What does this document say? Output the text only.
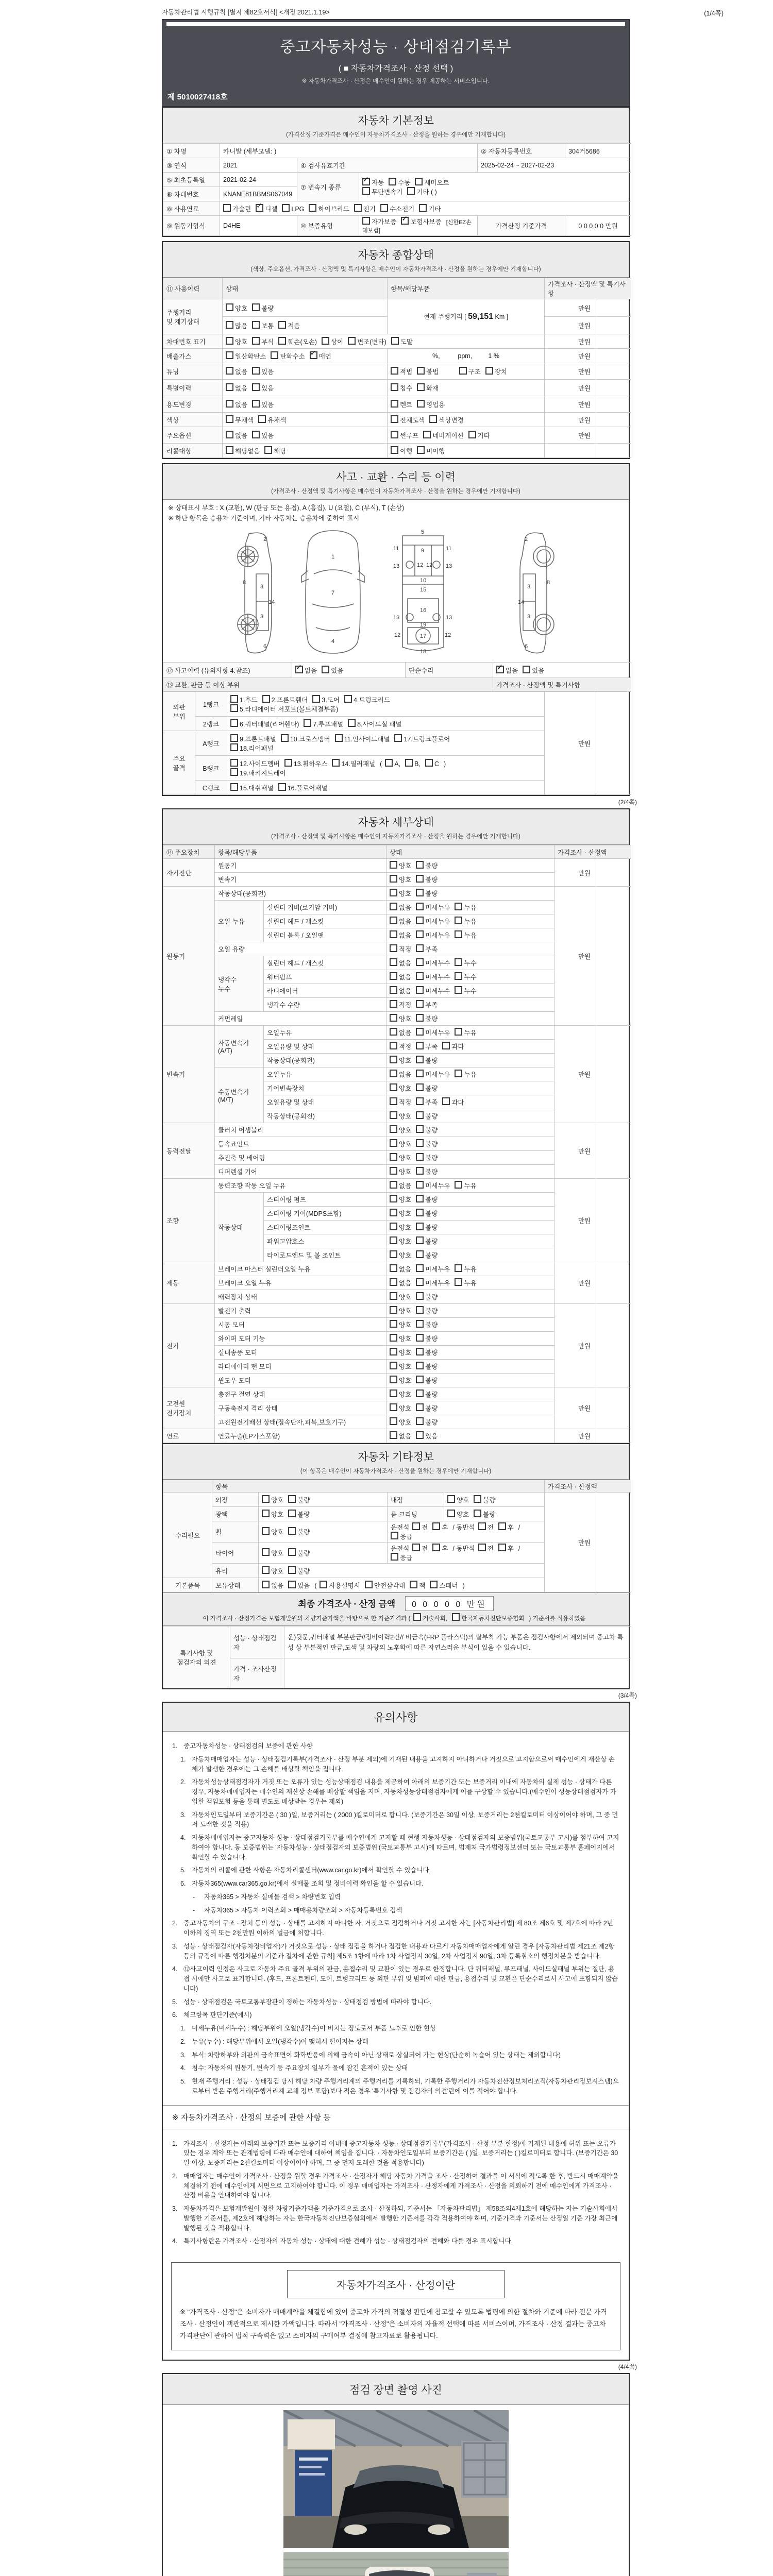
자동차관리법 시행규칙 [별지 제82호서식] <개정 2021.1.19>	(1/4쪽)
중고자동차성능 · 상태점검기록부
( ■ 자동차가격조사 · 산정 선택 )
※ 자동차가격조사 · 산정은 매수인이 원하는 경우 제공하는 서비스입니다.
제 5010027418호
자동차 기본정보
(가격산정 기준가격은 매수인이 자동차가격조사 · 산정을 원하는 경우에만 기재합니다)
① 차명	카니발 (세부모델: )			② 자동차등록번호	304거5686
③ 연식	2021	④ 검사유효기간		2025-02-24 ~ 2027-02-23	
⑤ 최초등록일	2021-02-24	⑦ 변속기 종류	✓자동 수동 세미오토
무단변속기 기타 ( )
⑥ 차대번호	KNANE81BBMS067049				
⑧ 사용연료	가솔린 ✓ 디젤 LPG 하이브리드 전기 수소전기 기타
⑨ 원동기형식	D4HE	⑩ 보증유형	자가보증 ✓ 보험사보증 [신한EZ손해보험]	가격산정 기준가격	0 0 0 0 0 만원
자동차 종합상태
(색상, 주요옵션, 가격조사 · 산정액 및 특기사항은 매수인이 자동차가격조사 · 산정을 원하는 경우에만 기재합니다)
⑪ 사용이력	상태	항목/해당부품	가격조사 · 산정액 및 특기사항	
주행거리
및 계기상태	양호 불량	현재 주행거리 [ 59,151 Km ]	만원	
	많음 보통 적음		만원	
차대번호 표기	양호 부식 훼손(오손) 상이 변조(변타) 도말		만원	
배출가스	일산화탄소 탄화수소 ✓ 매연	%,          ppm,         1 %	만원	
튜닝	없음 있음	적법 불법 구조 장치	만원	
특별이력	없음 있음	침수 화재	만원	
용도변경	없음 있음	렌트 영업용	만원	
색상	무채색 유채색	전체도색 색상변경	만원	
주요옵션	없음 있음	썬루프 네비게이션 기타	만원	
리콜대상	해당없음 해당	이행 미이행		
사고 · 교환 · 수리 등 이력
(가격조사 · 산정액 및 특기사항은 매수인이 자동차가격조사 · 산정을 원하는 경우에만 기재합니다)
※ 상태표시 부호 : X (교환), W (판금 또는 용접), A (흠집), U (요철), C (부식), T (손상)
※ 하단 항목은 승용차 기준이며, 기타 자동차는 승용차에 준하여 표시
2
8
3
3
14
6
1
7
4
5
11	11
9
13	13
12 12
10
15
16
13	13
19
12	12
17
18
2
8
3
3
14
6
⑫ 사고이력 (유의사항 4.참조)	✓없음 있음	단순수리	✓없음 있음
⑬ 교환, 판금 등 이상 부위			가격조사 · 산정액 및 특기사항
외판
부위	1랭크	1.후드 2.프론트휀더 3.도어 4.트렁크리드
5.라디에이터 서포트(볼트체결부품)	만원	
	2랭크	6.쿼터패널(리어휀다) 7.루프패널 8.사이드실 패널		
주요
골격	A랭크	9.프론트패널 10.크로스멤버 11.인사이드패널 17.트렁크플로어
18.리어패널		
	B랭크	12.사이드멤버 13.휠하우스 14.필러패널 ( A, B, C )
19.패키지트레이		
	C랭크	15.대쉬패널 16.플로어패널		
(2/4쪽)
자동차 세부상태
(가격조사 · 산정액 및 특기사항은 매수인이 자동차가격조사 · 산정을 원하는 경우에만 기재합니다)
⑭ 주요장치	항목/해당부품		상태	가격조사 · 산정액	
자기진단	원동기		양호 불량	만원	
	변속기		양호 불량		
원동기	작동상태(공회전)		양호 불량	만원	
	오일 누유	실린더 커버(로커암 커버)	없음 미세누유 누유		
		실린더 헤드 / 개스킷	없음 미세누유 누유		
		실린더 블록 / 오일팬	없음 미세누유 누유		
	오일 유량		적정 부족		
	냉각수
누수	실린더 헤드 / 개스킷	없음 미세누수 누수		
		워터펌프	없음 미세누수 누수		
		라디에이터	없음 미세누수 누수		
		냉각수 수량	적정 부족		
	커먼레일		양호 불량		
변속기	자동변속기
(A/T)	오일누유	없음 미세누유 누유	만원	
		오일유량 및 상태	적정 부족 과다		
		작동상태(공회전)	양호 불량		
	수동변속기
(M/T)	오일누유	없음 미세누유 누유		
		기어변속장치	양호 불량		
		오일유량 및 상태	적정 부족 과다		
		작동상태(공회전)	양호 불량		
동력전달	클러치 어셈블리		양호 불량	만원	
	등속죠인트		양호 불량		
	추진축 및 베어링		양호 불량		
	디퍼렌셜 기어		양호 불량		
조향	동력조향 작동 오일 누유		없음 미세누유 누유	만원	
	작동상태	스티어링 펌프	양호 불량		
		스티어링 기어(MDPS포함)	양호 불량		
		스티어링조인트	양호 불량		
		파워고압호스	양호 불량		
		타이로드엔드 및 볼 조인트	양호 불량		
제동	브레이크 마스터 실린더오일 누유		없음 미세누유 누유	만원	
	브레이크 오일 누유		없음 미세누유 누유		
	배력장치 상태		양호 불량		
전기	발전기 출력		양호 불량	만원	
	시동 모터		양호 불량		
	와이퍼 모터 기능		양호 불량		
	실내송풍 모터		양호 불량		
	라디에이터 팬 모터		양호 불량		
	윈도우 모터		양호 불량		
고전원
전기장치	충전구 절연 상태		양호 불량	만원	
	구동축전지 격리 상태		양호 불량		
	고전원전기배선 상태(접속단자,피복,보호기구)		양호 불량		
연료	연료누출(LP가스포함)		없음 있음	만원	
자동차 기타정보
(이 항목은 매수인이 자동차가격조사 · 산정을 원하는 경우에만 기재합니다)
	항목				가격조사 · 산정액	
수리필요	외장	양호 불량	내장	양호 불량	만원	
	광택	양호 불량	룸 크리닝	양호 불량		
	휠	양호 불량	운전석 전 후 / 동반석 전 후 /응급			
	타이어	양호 불량	운전석 전 후 / 동반석 전 후 /응급			
	유리	양호 불량				
기본품목	보유상태	없음 있음 ( 사용설명서 안전삼각대 잭 스패너 )				
최종 가격조사 · 산정 금액 0 0 0 0 0 만원
이 가격조사 · 산정가격은 보험개발원의 차량기준가액을 바탕으로 한 기준가격과 ( 기술사회, 한국자동차진단보증협회 ) 기준서를 적용하였음
특기사항 및
점검자의 의견	성능 · 상태점검자	운)뒷문,쿼터패널 부분판금//정비이력2건// 비금속(FRP 플라스틱)의 탈부착 가능 부품은 점검사항에서 제외되며 중고차 특성 상 부분적인 판금,도색 및 차량의 노후화에 따른 자연스러운 부식이 있을 수 있습니다.
	가격 · 조사산정자	
(3/4쪽)
유의사항
1. 중고자동차성능 · 상태점검의 보증에 관한 사항
1. 자동차매매업자는 성능 · 상태점검기록부(가격조사 · 산정 부분 제외)에 기재된 내용을 고지하지 아니하거나 거짓으로 고지함으로써 매수인에게 재산상 손해가 발생한 경우에는 그 손해를 배상할 책임을 집니다.
2. 자동차성능상태점검자가 거짓 또는 오류가 있는 성능상태점검 내용을 제공하여 아래의 보증기간 또는 보증거리 이내에 자동차의 실제 성능 · 상태가 다른 경우, 자동차매매업자는 매수인의 재산상 손해를 배상할 책임을 지며, 자동차성능상태점검자에게 이를 구상할 수 있습니다.(매수인이 성능상태점검자가 가입한 책임보험 등을 통해 별도로 배상받는 경우는 제외)
3. 자동차인도일부터 보증기간은 ( 30 )일, 보증거리는 ( 2000 )킬로미터로 합니다. (보증기간은 30일 이상, 보증거리는 2천킬로미터 이상이어야 하며, 그 중 먼저 도래한 것을 적용)
4. 자동차매매업자는 중고자동차 성능 · 상태점검기록부를 매수인에게 고지할 때 현행 자동차성능 · 상태점검자의 보증범위(국토교통부 고시)를 첨부하여 고지하여야 합니다. 동 보증범위는 '자동차성능 · 상태점검자의 보증범위'(국토교통부 고시)에 따르며, 법제처 국가법령정보센터 또는 국토교통부 홈페이지에서 확인할 수 있습니다.
5. 자동차의 리콜에 관한 사항은 자동차리콜센터(www.car.go.kr)에서 확인할 수 있습니다.
6. 자동차365(www.car365.go.kr)에서 실매물 조회 및 정비이력 확인을 할 수 있습니다.
-	자동차365 > 자동차 실매물 검색 > 차량번호 입력
-	자동차365 > 자동차 이력조회 > 매매용차량조회 > 자동차등록번호 검색
2. 중고자동차의 구조 · 장치 등의 성능 · 상태를 고지하지 아니한 자, 거짓으로 점검하거나 거짓 고지한 자는 [자동차관리법] 제 80조 제6호 및 제7호에 따라 2년 이하의 징역 또는 2천만원 이하의 벌금에 처합니다.
3. 성능 · 상태점검자(자동차정비업자)가 거짓으로 성능 · 상태 점검을 하거나 점검한 내용과 다르게 자동차매매업자에게 알린 경우 [자동차관리법 제21조 제2항 등의 규정에 따른 행정처분의 기준과 절차에 관한 규칙] 제5조 1항에 따라 1차 사업정지 30일, 2차 사업정지 90일, 3차 등록취소의 행정처분을 받습니다.
4. ⑫사고이력 인정은 사고로 자동차 주요 골격 부위의 판금, 용접수리 및 교환이 있는 경우로 한정합니다. 단 쿼터패널, 루프패널, 사이드실패널 부위는 절단, 용접 시에만 사고로 표기합니다. (후드, 프론트펜더, 도어, 트렁크리드 등 외판 부위 및 범퍼에 대한 판금, 용접수리 및 교환은 단순수리로서 사고에 포함되지 않습니다)
5. 성능 · 상태점검은 국토교통부장관이 정하는 자동차성능 · 상태점검 방법에 따라야 합니다.
6. 체크항목 판단기준(예시)
1. 미세누유(미세누수) : 해당부위에 오일(냉각수)이 비치는 정도로서 부품 노후로 인한 현상
2. 누유(누수) : 해당부위에서 오일(냉각수)이 맺혀서 떨어지는 상태
3. 부식: 차량하부와 외판의 금속표면이 화학반응에 의해 금속이 아닌 상태로 상실되어 가는 현상(단순히 녹슬어 있는 상태는 제외합니다)
4. 침수: 자동차의 원동기, 변속기 등 주요장치 일부가 물에 잠긴 흔적이 있는 상태
5. 현재 주행거리 : 성능 · 상태점검 당시 해당 차량 주행거리계의 주행거리를 기록하되, 기록한 주행거리가 자동차전산정보처리조직(자동차관리정보시스템)으로부터 받은 주행거리(주행거리계 교체 정보 포함)보다 적은 경우 '특기사항 및 점검자의 의견'란에 이를 적어야 합니다.
※ 자동차가격조사 · 산정의 보증에 관한 사항 등
1. 가격조사 · 산정자는 아래의 보증기간 또는 보증거리 이내에 중고자동차 성능 · 상태점검기록부(가격조사 · 산정 부분 한정)에 기재된 내용에 허위 또는 오류가 있는 경우 계약 또는 관계법령에 따라 매수인에 대하여 책임을 집니다. · 자동차인도일부터 보증기간은 ( )일, 보증거리는 ( )킬로미터로 합니다. (보증기간은 30일 이상, 보증거리는 2천킬로미터 이상이어야 하며, 그 중 먼저 도래한 것을 적용합니다)
2. 매매업자는 매수인이 가격조사 · 산정을 원할 경우 가격조사 · 산정자가 해당 자동차 가격을 조사 · 산정하여 결과를 이 서식에 적도록 한 후, 반드시 매매계약을 체결하기 전에 매수인에게 서면으로 고지하여야 합니다. 이 경우 매매업자는 가격조사 · 산정자에게 가격조사 · 산정을 의뢰하기 전에 매수인에게 가격조사 · 산정 비용을 안내하여야 합니다.
3. 자동차가격은 보험개발원이 정한 차량기준가액을 기준가격으로 조사 · 산정하되, 기준서는 「자동차관리법」 제58조의4제1호에 해당하는 자는 기술사회에서 발행한 기준서를, 제2호에 해당하는 자는 한국자동차진단보증협회에서 발행한 기준서를 각각 적용하여야 하며, 기준가격과 기준서는 산정일 기준 가장 최근에 발행된 것을 적용합니다.
4. 특기사항란은 가격조사 · 산정자의 자동차 성능 · 상태에 대한 견해가 성능 · 상태점검자의 견해와 다를 경우 표시합니다.
자동차가격조사 · 산정이란
※ "가격조사 · 산정"은 소비자가 매매계약을 체결함에 있어 중고차 가격의 적절성 판단에 참고할 수 있도록 법령에 의한 절차와 기준에 따라 전문 가격조사 · 산정인이 객관적으로 제시한 가액입니다. 따라서 "가격조사 · 산정"은 소비자의 자율적 선택에 따른 서비스이며, 가격조사 · 산정 결과는 중고차 가격판단에 관하여 법적 구속력은 없고 소비자의 구매여부 결정에 참고자료로 활용됩니다.
(4/4쪽)
점검 장면 촬영 사진
